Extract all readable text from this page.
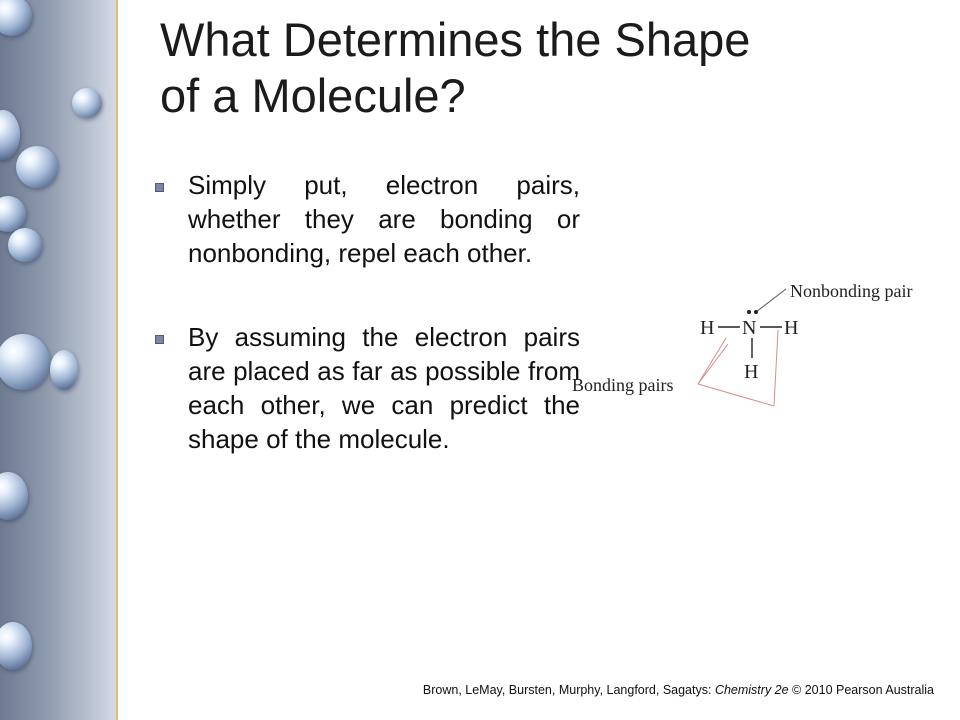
What Determines the Shape
of a Molecule?
Simply put, electron pairs, whether they are bonding or nonbonding, repel each other.
By assuming the electron pairs are placed as far as possible from each other, we can predict the shape of the molecule.
Nonbonding pair
Bonding pairs
H N H
H
Brown, LeMay, Bursten, Murphy, Langford, Sagatys: Chemistry 2e © 2010 Pearson Australia
